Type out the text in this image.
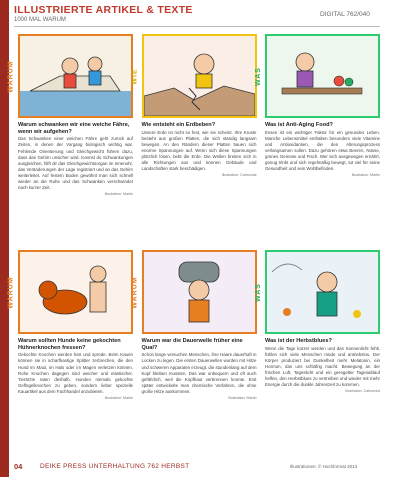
ILLUSTRIERTE ARTIKEL & TEXTE
1000 MAL WARUM
DIGITAL 762/040
WARUM
Warum schwanken wir eine weiche Fähre, wenn wir aufgehen?
Das Schwanken einer weichen Fähre geht zurück auf Zeiten, in denen der Vorgang biologisch wichtig war. Fehlende Orientierung und Gleichgewicht führen dazu, dass das Gehirn unsicher wird. Kannst du Schwankungen ausgleichen, hilft dir das Gleichgewichtsorgan im Innenohr, das Veränderungen der Lage registriert und an das Gehirn weiterleitet. Auf festem Boden gewöhnt man sich schnell wieder an die Ruhe und das Schwanken verschwindet nach kurzer Zeit.
Illustration: Martin
WIE
Wie entsteht ein Erdbeben?
Unsere Erde ist nicht so fest, wie sie scheint. Ihre Kruste besteht aus großen Platten, die sich ständig langsam bewegen. An den Rändern dieser Platten bauen sich enorme Spannungen auf. Wenn sich diese Spannungen plötzlich lösen, bebt die Erde. Die Wellen breiten sich in alle Richtungen aus und können Gebäude und Landschaften stark beschädigen.
Illustration: Cartoonist
WAS
Was ist Anti-Aging Food?
Essen ist ein wichtiger Faktor für ein gesundes Leben. Manche Lebensmittel enthalten besonders viele Vitamine und Antioxidantien, die den Alterungsprozess verlangsamen sollen. Dazu gehören etwa Beeren, Nüsse, grünes Gemüse und Fisch. Wer sich ausgewogen ernährt, genug trinkt und sich regelmäßig bewegt, tut viel für seine Gesundheit und sein Wohlbefinden.
Illustration: Martin
WARUM
Warum sollten Hunde keine gekochten Hühnerknochen fressen?
Gekochte Knochen werden hart und spröde. Beim Kauen können sie in scharfkantige Splitter zerbrechen, die den Hund im Maul, im Hals oder im Magen verletzen können. Rohe Knochen dagegen sind weicher und elastischer. Tierärzte raten deshalb, Hunden niemals gekochte Geflügelknochen zu geben, sondern lieber spezielle Kauartikel aus dem Fachhandel anzubieten.
Illustration: Martin
WARUM
Warum war die Dauerwelle früher eine Qual?
Schon lange versuchen Menschen, ihre Haare dauerhaft in Locken zu legen. Die ersten Dauerwellen wurden mit Hitze und schweren Apparaten erzeugt, die stundenlang auf dem Kopf bleiben mussten. Das war unbequem und oft auch gefährlich, weil die Kopfhaut verbrennen konnte. Erst später entwickelte man chemische Verfahren, die ohne große Hitze auskommen.
Illustration: Martin
WAS
Was ist der Herbstblues?
Wenn die Tage kürzer werden und das Sonnenlicht fehlt, fühlen sich viele Menschen müde und antriebslos. Der Körper produziert bei Dunkelheit mehr Melatonin, ein Hormon, das uns schläfrig macht. Bewegung an der frischen Luft, Tageslicht und ein geregelter Tagesablauf helfen, den Herbstblues zu vertreiben und wieder mit mehr Energie durch die dunkle Jahreszeit zu kommen.
Illustration: Cartoonist
04	DEIKE PRESS UNTERHALTUNG 762 HERBST	Illustrationen: © Hochformat 2013
